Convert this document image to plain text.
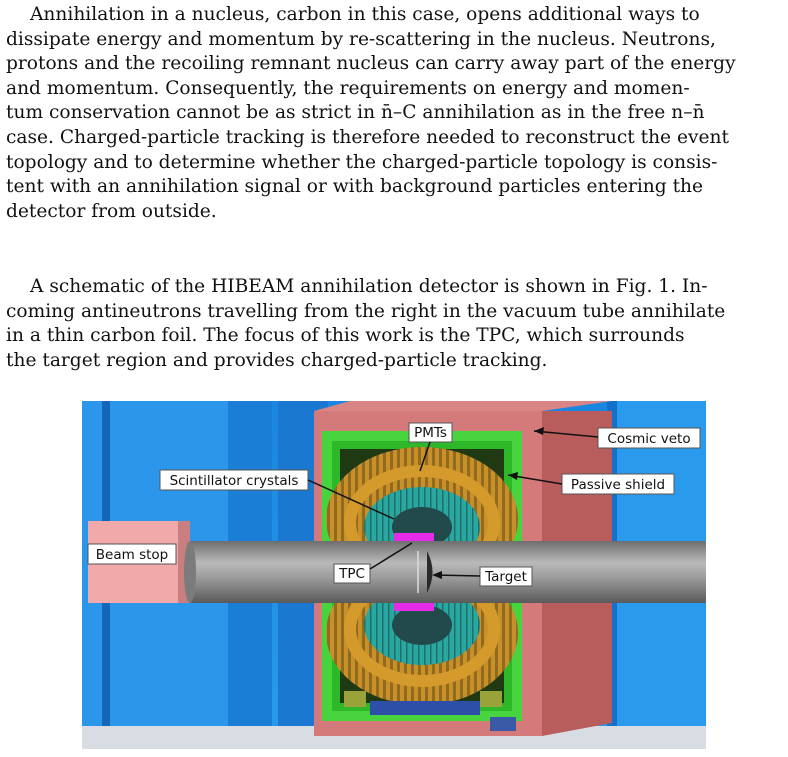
Annihilation in a nucleus, carbon in this case, opens additional ways to
dissipate energy and momentum by re-scattering in the nucleus. Neutrons,
protons and the recoiling remnant nucleus can carry away part of the energy
and momentum. Consequently, the requirements on energy and momen-
tum conservation cannot be as strict in n̄–C annihilation as in the free n–n̄
case. Charged-particle tracking is therefore needed to reconstruct the event
topology and to determine whether the charged-particle topology is consis-
tent with an annihilation signal or with background particles entering the
detector from outside.
A schematic of the HIBEAM annihilation detector is shown in Fig. 1. In-
coming antineutrons travelling from the right in the vacuum tube annihilate
in a thin carbon foil. The focus of this work is the TPC, which surrounds
the target region and provides charged-particle tracking.
PMTs	Cosmic veto
Scintillator crystals	Passive shield
Beam stop
TPC	Target
